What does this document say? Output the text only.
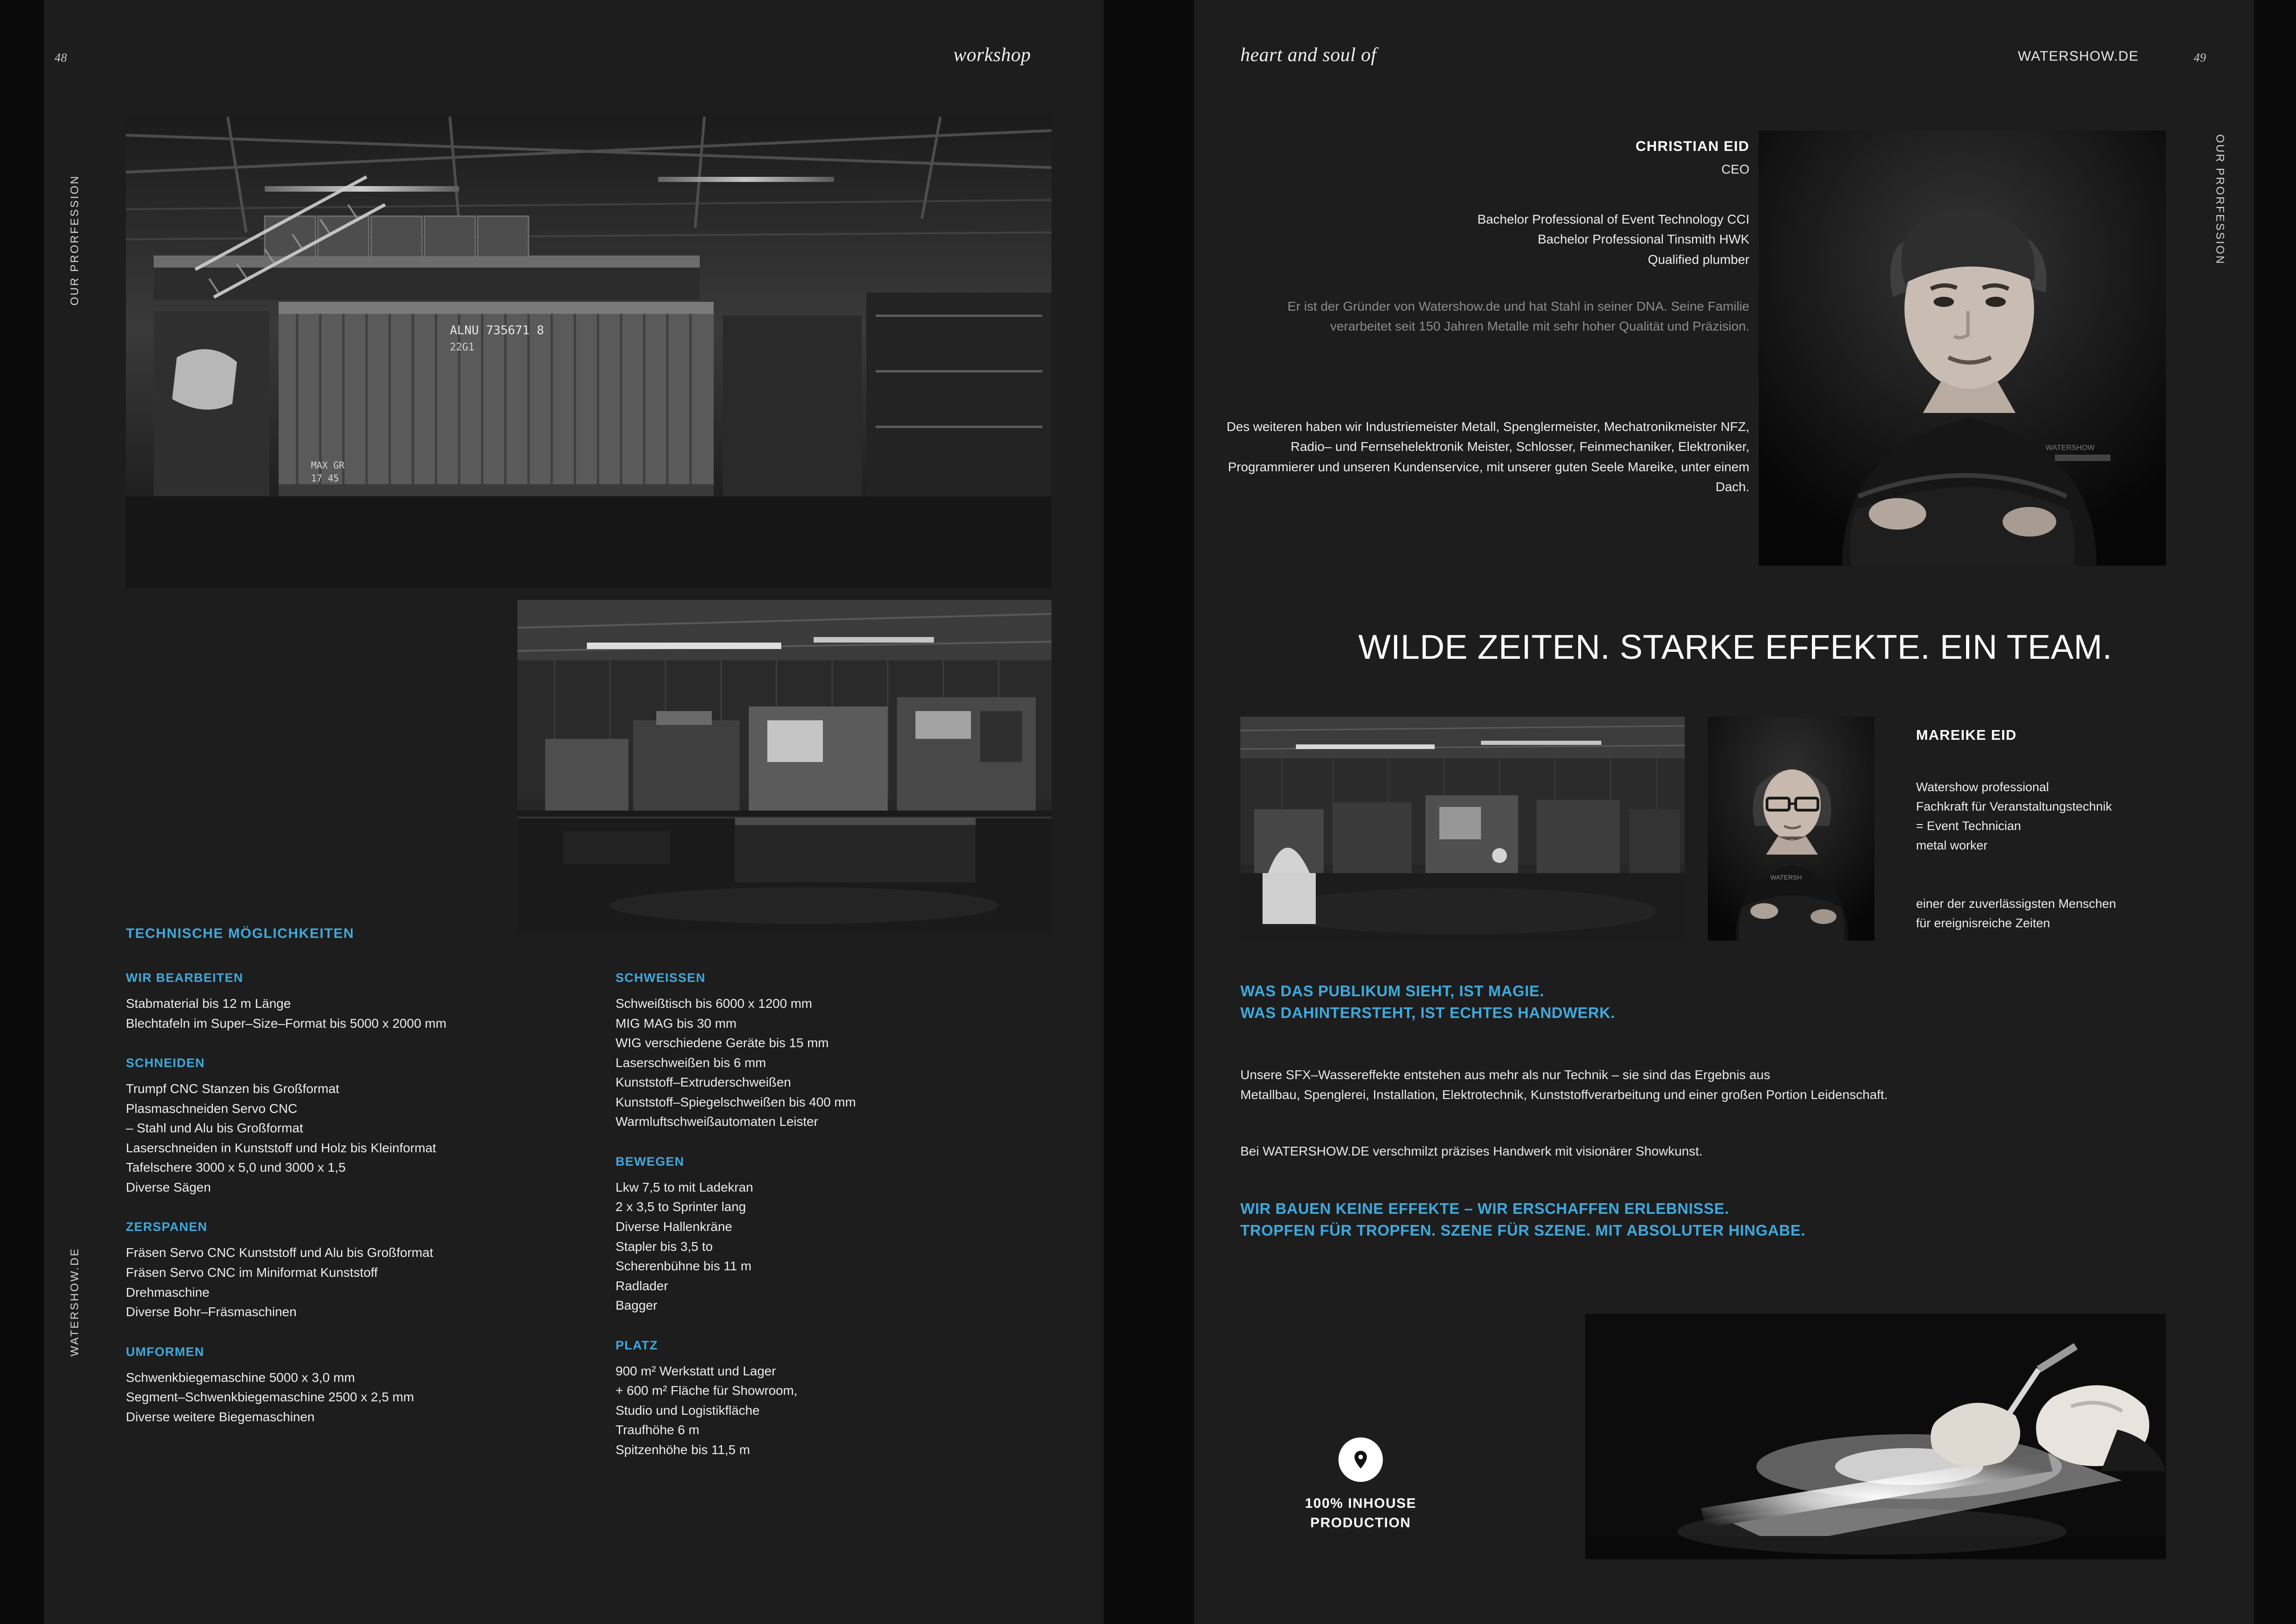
48	49
workshop	heart and soul of	WATERSHOW.DE
OUR PRORFESSION
WATERSHOW.DE
OUR PRORFESSION
ALNU 735671 8
22G1
MAX GR
17 45
TECHNISCHE MÖGLICHKEITEN
WIR BEARBEITEN
Stabmaterial bis 12 m Länge
Blechtafeln im Super–Size–Format bis 5000 x 2000 mm
SCHNEIDEN
Trumpf CNC Stanzen bis Großformat
Plasmaschneiden Servo CNC
– Stahl und Alu bis Großformat
Laserschneiden in Kunststoff und Holz bis Kleinformat
Tafelschere 3000 x 5,0 und 3000 x 1,5
Diverse Sägen
ZERSPANEN
Fräsen Servo CNC Kunststoff und Alu bis Großformat
Fräsen Servo CNC im Miniformat Kunststoff
Drehmaschine
Diverse Bohr–Fräsmaschinen
UMFORMEN
Schwenkbiegemaschine 5000 x 3,0 mm
Segment–Schwenkbiegemaschine 2500 x 2,5 mm
Diverse weitere Biegemaschinen
SCHWEISSEN
Schweißtisch bis 6000 x 1200 mm
MIG MAG bis 30 mm
WIG verschiedene Geräte bis 15 mm
Laserschweißen bis 6 mm
Kunststoff–Extruderschweißen
Kunststoff–Spiegelschweißen bis 400 mm
Warmluftschweißautomaten Leister
BEWEGEN
Lkw 7,5 to mit Ladekran
2 x 3,5 to Sprinter lang
Diverse Hallenkräne
Stapler bis 3,5 to
Scherenbühne bis 11 m
Radlader
Bagger
PLATZ
900 m² Werkstatt und Lager
+ 600 m² Fläche für Showroom,
Studio und Logistikfläche
Traufhöhe 6 m
Spitzenhöhe bis 11,5 m
WATERSHOW
CHRISTIAN EID
CEO
Bachelor Professional of Event Technology CCI
Bachelor Professional Tinsmith HWK
Qualified plumber
Er ist der Gründer von Watershow.de und hat Stahl in seiner DNA. Seine Familie verarbeitet seit 150 Jahren Metalle mit sehr hoher Qualität und Präzision.
Des weiteren haben wir Industriemeister Metall, Spenglermeister, Mechatronikmeister NFZ, Radio– und Fernsehelektronik Meister, Schlosser, Feinmechaniker, Elektroniker, Programmierer und unseren Kundenservice, mit unserer guten Seele Mareike, unter einem Dach.
WILDE ZEITEN. STARKE EFFEKTE. EIN TEAM.
WATERSH
MAREIKE EID
Watershow professional
Fachkraft für Veranstaltungstechnik
= Event Technician
metal worker
einer der zuverlässigsten Menschen
für ereignisreiche Zeiten
WAS DAS PUBLIKUM SIEHT, IST MAGIE.
WAS DAHINTERSTEHT, IST ECHTES HANDWERK.
Unsere SFX–Wassereffekte entstehen aus mehr als nur Technik – sie sind das Ergebnis aus
Metallbau, Spenglerei, Installation, Elektrotechnik, Kunststoffverarbeitung und einer großen Portion Leidenschaft.
Bei WATERSHOW.DE verschmilzt präzises Handwerk mit visionärer Showkunst.
WIR BAUEN KEINE EFFEKTE – WIR ERSCHAFFEN ERLEBNISSE.
TROPFEN FÜR TROPFEN. SZENE FÜR SZENE. MIT ABSOLUTER HINGABE.
100% INHOUSE
PRODUCTION
